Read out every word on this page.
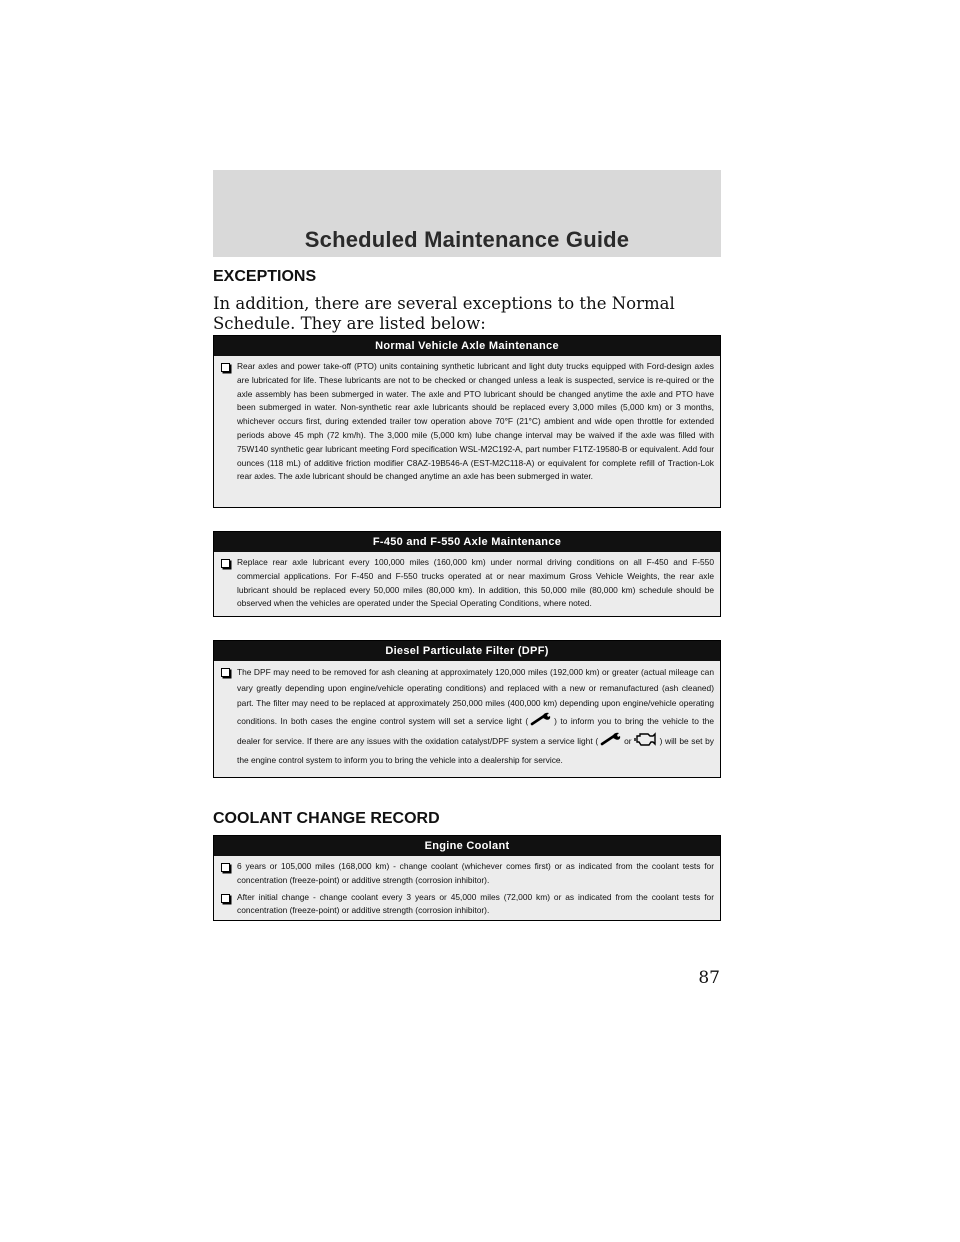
Scheduled Maintenance Guide
EXCEPTIONS
In addition, there are several exceptions to the Normal Schedule. They are listed below:
Normal Vehicle Axle Maintenance
Rear axles and power take-off (PTO) units containing synthetic lubricant and light duty trucks equipped with Ford-design axles are lubricated for life. These lubricants are not to be checked or changed unless a leak is suspected, service is re-quired or the axle assembly has been submerged in water. The axle and PTO lubricant should be changed anytime the axle and PTO have been submerged in water. Non-synthetic rear axle lubricants should be replaced every 3,000 miles (5,000 km) or 3 months, whichever occurs first, during extended trailer tow operation above 70°F (21°C) ambient and wide open throttle for extended periods above 45 mph (72 km/h). The 3,000 mile (5,000 km) lube change interval may be waived if the axle was filled with 75W140 synthetic gear lubricant meeting Ford specification WSL-M2C192-A, part number F1TZ-19580-B or equivalent. Add four ounces (118 mL) of additive friction modifier C8AZ-19B546-A (EST-M2C118-A) or equivalent for complete refill of Traction-Lok rear axles. The axle lubricant should be changed anytime an axle has been submerged in water.
F-450 and F-550 Axle Maintenance
Replace rear axle lubricant every 100,000 miles (160,000 km) under normal driving conditions on all F-450 and F-550 commercial applications. For F-450 and F-550 trucks operated at or near maximum Gross Vehicle Weights, the rear axle lubricant should be replaced every 50,000 miles (80,000 km). In addition, this 50,000 mile (80,000 km) schedule should be observed when the vehicles are operated under the Special Operating Conditions, where noted.
Diesel Particulate Filter (DPF)
The DPF may need to be removed for ash cleaning at approximately 120,000 miles (192,000 km) or greater (actual mileage can vary greatly depending upon engine/vehicle operating conditions) and replaced with a new or remanufactured (ash cleaned) part. The filter may need to be replaced at approximately 250,000 miles (400,000 km) depending upon engine/vehicle operating conditions. In both cases the engine control system will set a service light (	) to inform you to bring the vehicle to the dealer for service. If there are any issues with the oxidation catalyst/DPF system a service light (	or	) will be set by the engine control system to inform you to bring the vehicle into a dealership for service.
COOLANT CHANGE RECORD
Engine Coolant
6 years or 105,000 miles (168,000 km) - change coolant (whichever comes first) or as indicated from the coolant tests for concentration (freeze-point) or additive strength (corrosion inhibitor).
After initial change - change coolant every 3 years or 45,000 miles (72,000 km) or as indicated from the coolant tests for concentration (freeze-point) or additive strength (corrosion inhibitor).
87
